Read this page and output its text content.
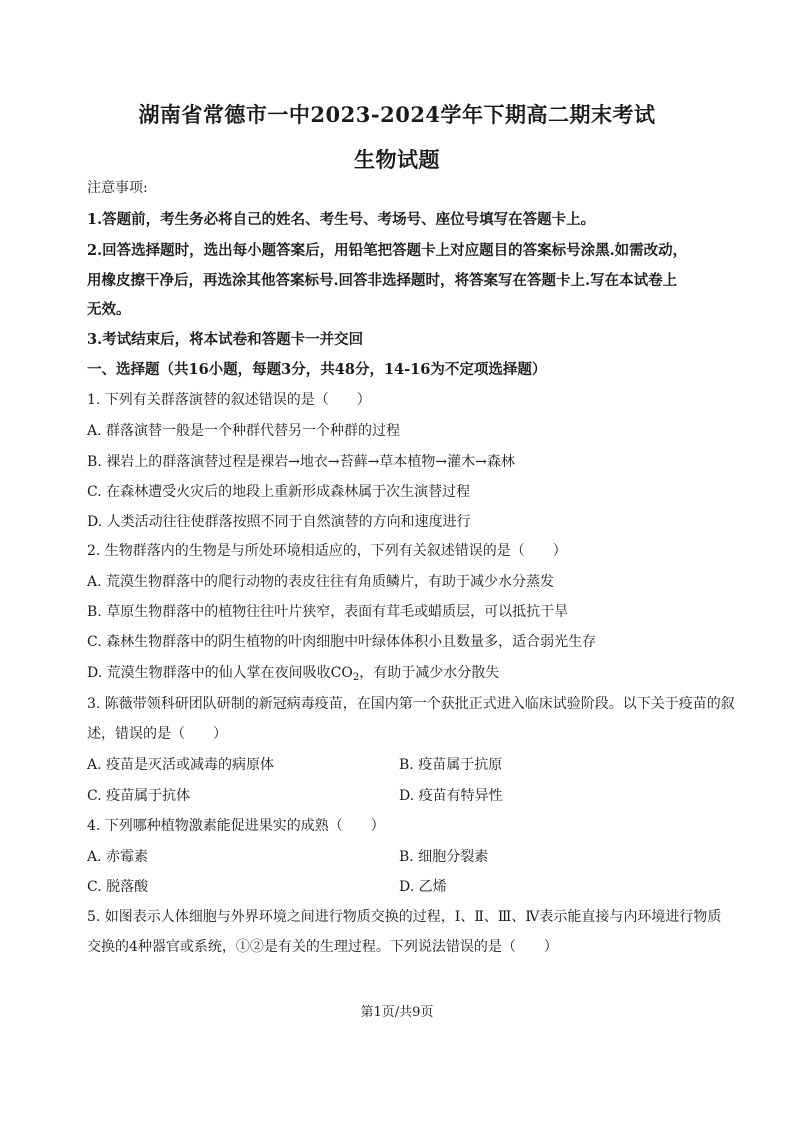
湖南省常德市一中2023-2024学年下期高二期末考试
生物试题
注意事项:
1.答题前，考生务必将自己的姓名、考生号、考场号、座位号填写在答题卡上。
2.回答选择题时，选出每小题答案后，用铅笔把答题卡上对应题目的答案标号涂黑.如需改动，
用橡皮擦干净后，再选涂其他答案标号.回答非选择题时，将答案写在答题卡上.写在本试卷上
无效。
3.考试结束后，将本试卷和答题卡一并交回
一、选择题（共16小题，每题3分，共48分，14-16为不定项选择题）
1. 下列有关群落演替的叙述错误的是（　　）
A. 群落演替一般是一个种群代替另一个种群的过程
B. 裸岩上的群落演替过程是裸岩→地衣→苔藓→草本植物→灌木→森林
C. 在森林遭受火灾后的地段上重新形成森林属于次生演替过程
D. 人类活动往往使群落按照不同于自然演替的方向和速度进行
2. 生物群落内的生物是与所处环境相适应的，下列有关叙述错误的是（　　）
A. 荒漠生物群落中的爬行动物的表皮往往有角质鳞片，有助于减少水分蒸发
B. 草原生物群落中的植物往往叶片狭窄，表面有茸毛或蜡质层，可以抵抗干旱
C. 森林生物群落中的阴生植物的叶肉细胞中叶绿体体积小且数量多，适合弱光生存
D. 荒漠生物群落中的仙人掌在夜间吸收$CO_2$，有助于减少水分散失
3. 陈薇带领科研团队研制的新冠病毒疫苗，在国内第一个获批正式进入临床试验阶段。以下关于疫苗的叙
述，错误的是（　　）
A. 疫苗是灭活或减毒的病原体	B. 疫苗属于抗原
C. 疫苗属于抗体	D. 疫苗有特异性
4. 下列哪种植物激素能促进果实的成熟（　　）
A. 赤霉素	B. 细胞分裂素
C. 脱落酸	D. 乙烯
5. 如图表示人体细胞与外界环境之间进行物质交换的过程，Ⅰ、Ⅱ、Ⅲ、Ⅳ表示能直接与内环境进行物质
交换的4种器官或系统，①②是有关的生理过程。下列说法错误的是（　　）
第1页/共9页
